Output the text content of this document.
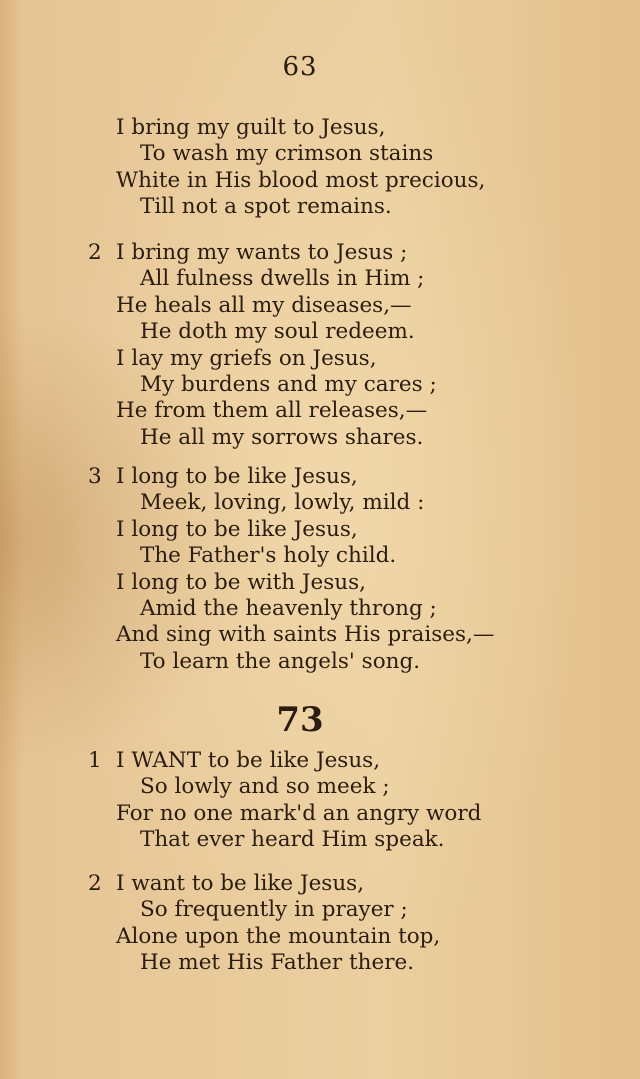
63
I bring my guilt to Jesus,
To wash my crimson stains
White in His blood most precious,
Till not a spot remains.
2 I bring my wants to Jesus ;
All fulness dwells in Him ;
He heals all my diseases,—
He doth my soul redeem.
I lay my griefs on Jesus,
My burdens and my cares ;
He from them all releases,—
He all my sorrows shares.
3 I long to be like Jesus,
Meek, loving, lowly, mild :
I long to be like Jesus,
The Father's holy child.
I long to be with Jesus,
Amid the heavenly throng ;
And sing with saints His praises,—
To learn the angels' song.
73
1 I WANT to be like Jesus,
So lowly and so meek ;
For no one mark'd an angry word
That ever heard Him speak.
2 I want to be like Jesus,
So frequently in prayer ;
Alone upon the mountain top,
He met His Father there.
